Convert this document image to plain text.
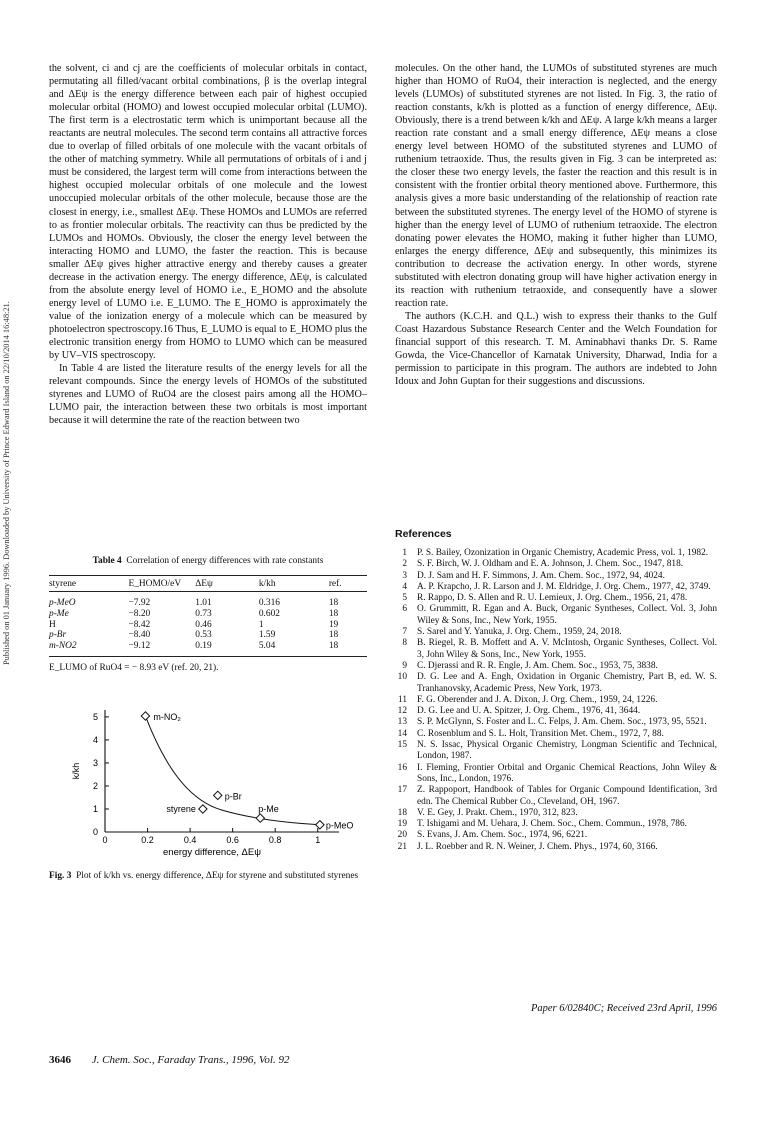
Published on 01 January 1996. Downloaded by University of Prince Edward Island on 22/10/2014 16:48:21.

the solvent, ci and cj are the coefficients of molecular orbitals in contact, permutating all filled/vacant orbital combinations, β is the overlap integral and ΔEψ is the energy difference between each pair of highest occupied molecular orbital (HOMO) and lowest occupied molecular orbital (LUMO). The first term is a electrostatic term which is unimportant because all the reactants are neutral molecules. The second term contains all attractive forces due to overlap of filled orbitals of one molecule with the vacant orbitals of the other of matching symmetry. While all permutations of orbitals of i and j must be considered, the largest term will come from interactions between the highest occupied molecular orbitals of one molecule and the lowest unoccupied molecular orbitals of the other molecule, because those are the closest in energy, i.e., smallest ΔEψ. These HOMOs and LUMOs are referred to as frontier molecular orbitals. The reactivity can thus be predicted by the LUMOs and HOMOs. Obviously, the closer the energy level between the interacting HOMO and LUMO, the faster the reaction. This is because smaller ΔEψ gives higher attractive energy and thereby causes a greater decrease in the activation energy. The energy difference, ΔEψ, is calculated from the absolute energy level of HOMO i.e., E_HOMO and the absolute energy level of LUMO i.e. E_LUMO. The E_HOMO is approximately the value of the ionization energy of a molecule which can be measured by photoelectron spectroscopy.16 Thus, E_LUMO is equal to E_HOMO plus the electronic transition energy from HOMO to LUMO which can be measured by UV–VIS spectroscopy.

In Table 4 are listed the literature results of the energy levels for all the relevant compounds. Since the energy levels of HOMOs of the substituted styrenes and LUMO of RuO4 are the closest pairs among all the HOMO–LUMO pair, the interaction between these two orbitals is most important because it will determine the rate of the reaction between two

molecules. On the other hand, the LUMOs of substituted styrenes are much higher than HOMO of RuO4, their interaction is neglected, and the energy levels (LUMOs) of substituted styrenes are not listed. In Fig. 3, the ratio of reaction constants, k/kh is plotted as a function of energy difference, ΔEψ. Obviously, there is a trend between k/kh and ΔEψ. A large k/kh means a larger reaction rate constant and a small energy difference, ΔEψ means a close energy level between HOMO of the substituted styrenes and LUMO of ruthenium tetraoxide. Thus, the results given in Fig. 3 can be interpreted as: the closer these two energy levels, the faster the reaction and this result is in consistent with the frontier orbital theory mentioned above. Furthermore, this analysis gives a more basic understanding of the relationship of reaction rate between the substituted styrenes. The energy level of the HOMO of styrene is higher than the energy level of LUMO of ruthenium tetraoxide. The electron donating power elevates the HOMO, making it futher higher than LUMO, enlarges the energy difference, ΔEψ and subsequently, this minimizes its contribution to decrease the activation energy. In other words, styrene substituted with electron donating group will have higher activation energy in its reaction with ruthenium tetraoxide, and consequently have a slower reaction rate.

The authors (K.C.H. and Q.L.) wish to express their thanks to the Gulf Coast Hazardous Substance Research Center and the Welch Foundation for financial support of this research. T. M. Aminabhavi thanks Dr. S. Rame Gowda, the Vice-Chancellor of Karnatak University, Dharwad, India for a permission to participate in this program. The authors are indebted to John Idoux and John Guptan for their suggestions and discussions.

Table 4 Correlation of energy differences with rate constants
styrene	E_HOMO/eV	ΔEψ	k/kh	ref.
p-MeO	−7.92	1.01	0.316	18
p-Me	−8.20	0.73	0.602	18
H	−8.42	0.46	1	19
p-Br	−8.40	0.53	1.59	18
m-NO2	−9.12	0.19	5.04	18
E_LUMO of RuO4 = − 8.93 eV (ref. 20, 21).
0	0.2	0.4	0.6	0.8	1
0
1
2
3
4
5
energy difference, ΔEψ
k/kh
m-NO₂
p-Br
styrene	p-Me
p-MeO
Fig. 3 Plot of k/kh vs. energy difference, ΔEψ for styrene and substituted styrenes
References
1 P. S. Bailey, Ozonization in Organic Chemistry, Academic Press, vol. 1, 1982.
2 S. F. Birch, W. J. Oldham and E. A. Johnson, J. Chem. Soc., 1947, 818.
3 D. J. Sam and H. F. Simmons, J. Am. Chem. Soc., 1972, 94, 4024.
4 A. P. Krapcho, J. R. Larson and J. M. Eldridge, J. Org. Chem., 1977, 42, 3749.
5 R. Rappo, D. S. Allen and R. U. Lemieux, J. Org. Chem., 1956, 21, 478.
6 O. Grummitt, R. Egan and A. Buck, Organic Syntheses, Collect. Vol. 3, John Wiley & Sons, Inc., New York, 1955.
7 S. Sarel and Y. Yanuka, J. Org. Chem., 1959, 24, 2018.
8 B. Riegel, R. B. Moffett and A. V. McIntosh, Organic Syntheses, Collect. Vol. 3, John Wiley & Sons, Inc., New York, 1955.
9 C. Djerassi and R. R. Engle, J. Am. Chem. Soc., 1953, 75, 3838.
10 D. G. Lee and A. Engh, Oxidation in Organic Chemistry, Part B, ed. W. S. Tranhanovsky, Academic Press, New York, 1973.
11 F. G. Oberender and J. A. Dixon, J. Org. Chem., 1959, 24, 1226.
12 D. G. Lee and U. A. Spitzer, J. Org. Chem., 1976, 41, 3644.
13 S. P. McGlynn, S. Foster and L. C. Felps, J. Am. Chem. Soc., 1973, 95, 5521.
14 C. Rosenblum and S. L. Holt, Transition Met. Chem., 1972, 7, 88.
15 N. S. Issac, Physical Organic Chemistry, Longman Scientific and Technical, London, 1987.
16 I. Fleming, Frontier Orbital and Organic Chemical Reactions, John Wiley & Sons, Inc., London, 1976.
17 Z. Rappoport, Handbook of Tables for Organic Compound Identification, 3rd edn. The Chemical Rubber Co., Cleveland, OH, 1967.
18 V. E. Gey, J. Prakt. Chem., 1970, 312, 823.
19 T. Ishigami and M. Uehara, J. Chem. Soc., Chem. Commun., 1978, 786.
20 S. Evans, J. Am. Chem. Soc., 1974, 96, 6221.
21 J. L. Roebber and R. N. Weiner, J. Chem. Phys., 1974, 60, 3166.
Paper 6/02840C; Received 23rd April, 1996
3646 J. Chem. Soc., Faraday Trans., 1996, Vol. 92
